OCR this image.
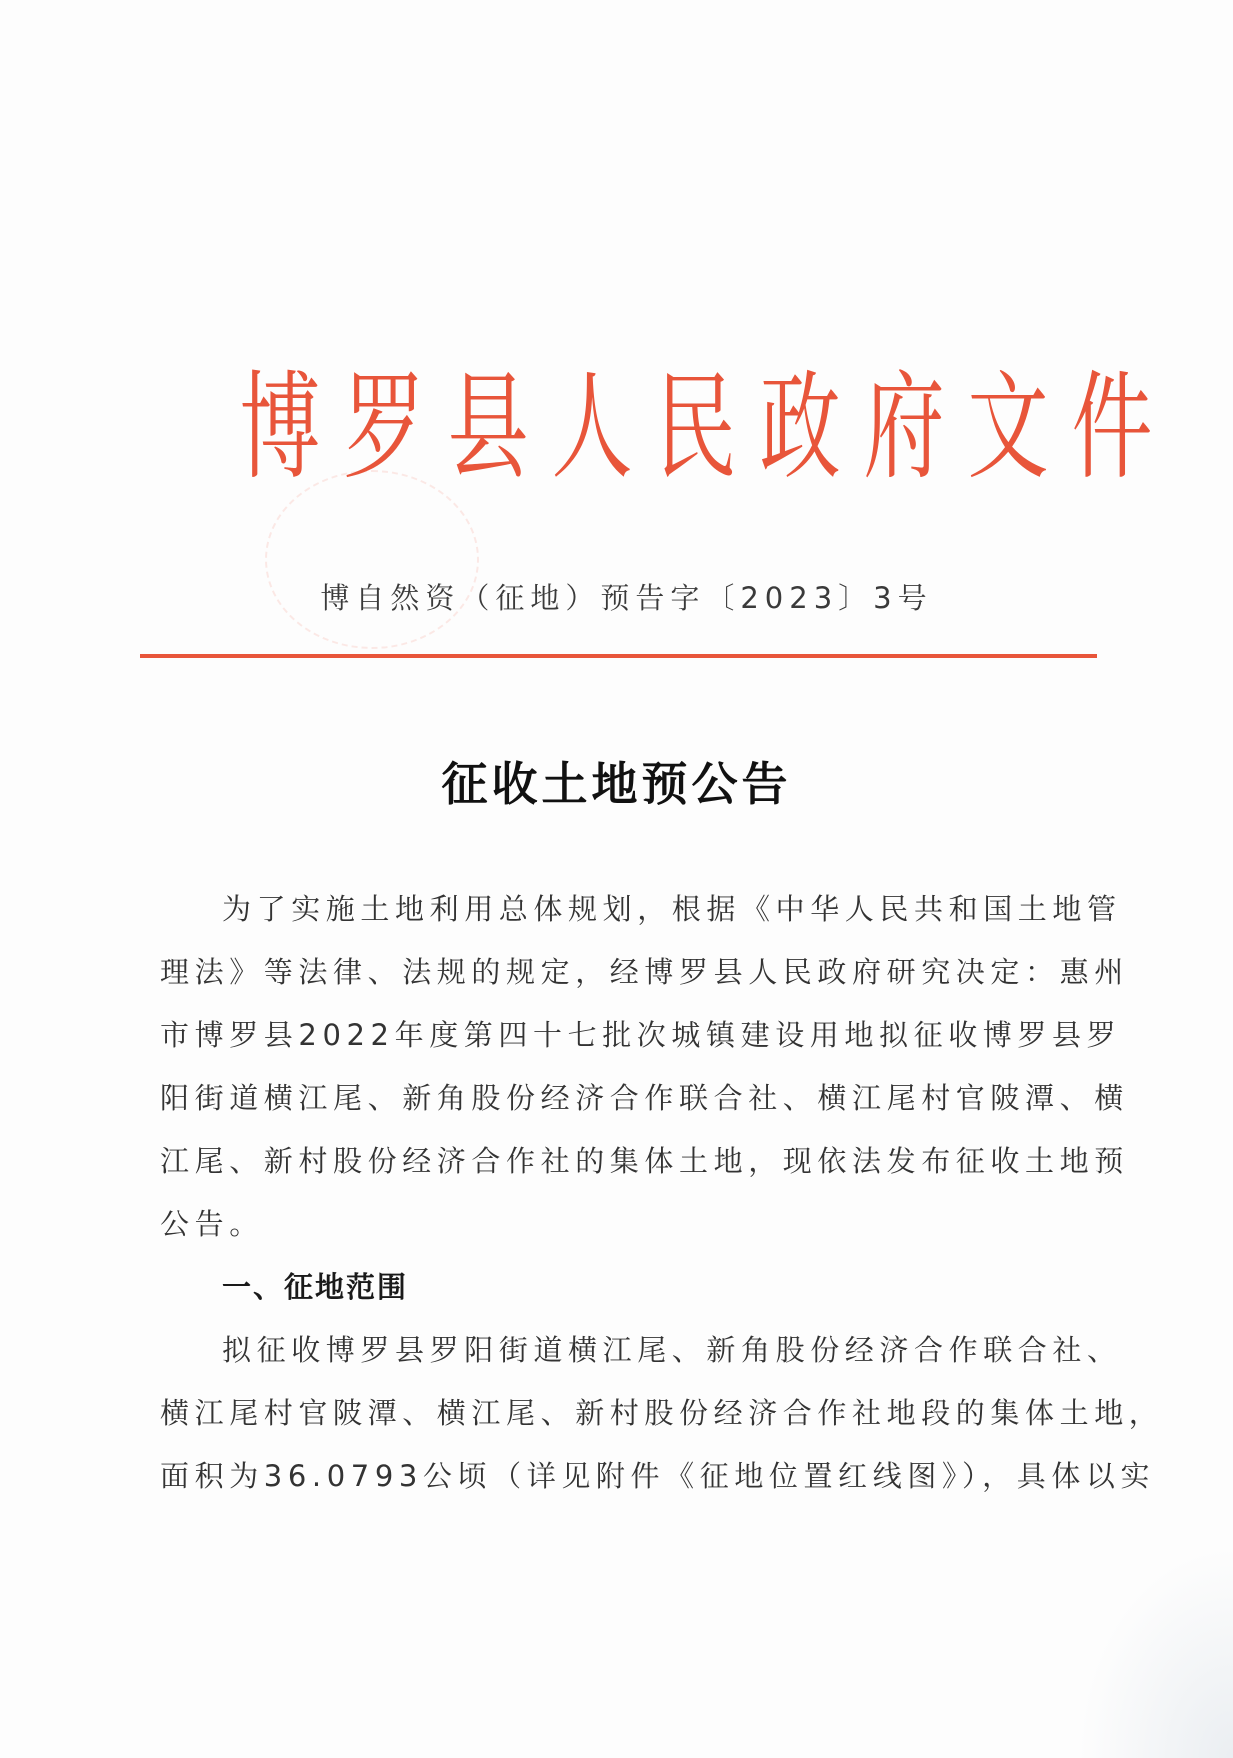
博 罗 县 人 民 政 府 文 件
博自然资（征地）预告字〔2023〕3号
征收土地预公告
为了实施土地利用总体规划，根据《中华人民共和国土地管
理法》等法律、法规的规定，经博罗县人民政府研究决定：惠州
市博罗县2022年度第四十七批次城镇建设用地拟征收博罗县罗
阳街道横江尾、新角股份经济合作联合社、横江尾村官陂潭、横
江尾、新村股份经济合作社的集体土地，现依法发布征收土地预
公告。
一、征地范围
拟征收博罗县罗阳街道横江尾、新角股份经济合作联合社、
横江尾村官陂潭、横江尾、新村股份经济合作社地段的集体土地，
面积为36.0793公顷（详见附件《征地位置红线图》），具体以实
